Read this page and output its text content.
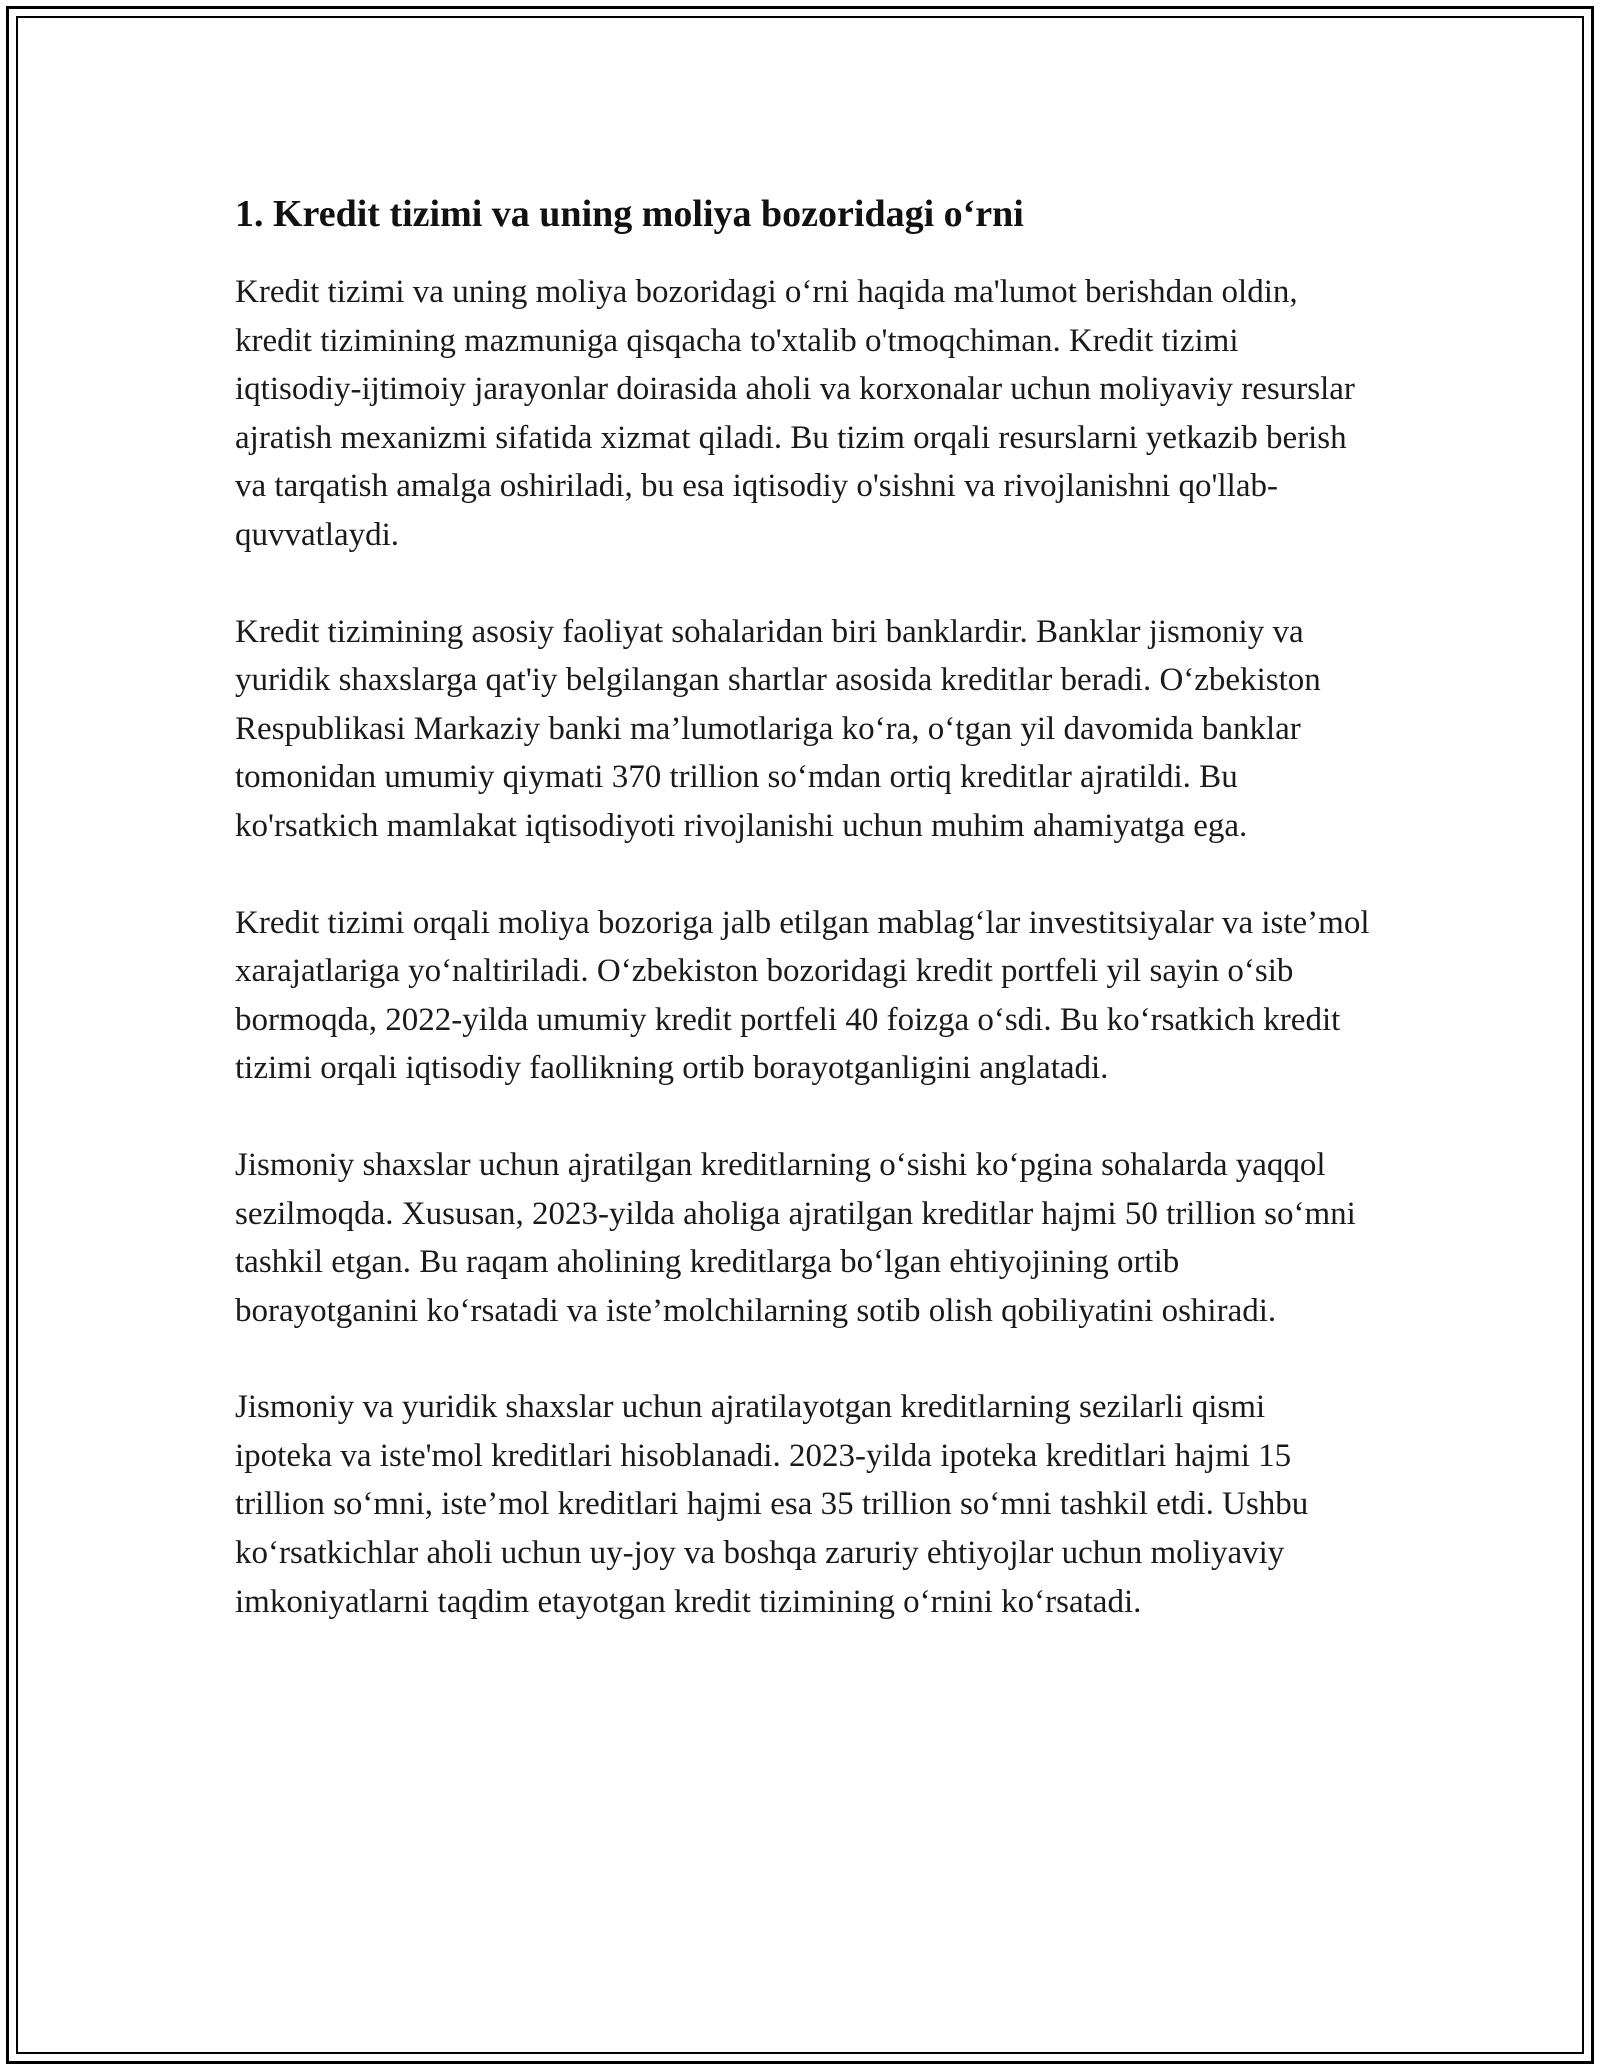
1. Kredit tizimi va uning moliya bozoridagi o‘rni

Kredit tizimi va uning moliya bozoridagi o‘rni haqida ma'lumot berishdan oldin, kredit tizimining mazmuniga qisqacha to'xtalib o'tmoqchiman. Kredit tizimi iqtisodiy-ijtimoiy jarayonlar doirasida aholi va korxonalar uchun moliyaviy resurslar ajratish mexanizmi sifatida xizmat qiladi. Bu tizim orqali resurslarni yetkazib berish va tarqatish amalga oshiriladi, bu esa iqtisodiy o'sishni va rivojlanishni qo'llab-quvvatlaydi.

Kredit tizimining asosiy faoliyat sohalaridan biri banklardir. Banklar jismoniy va yuridik shaxslarga qat'iy belgilangan shartlar asosida kreditlar beradi. O‘zbekiston Respublikasi Markaziy banki ma’lumotlariga ko‘ra, o‘tgan yil davomida banklar tomonidan umumiy qiymati 370 trillion so‘mdan ortiq kreditlar ajratildi. Bu ko'rsatkich mamlakat iqtisodiyoti rivojlanishi uchun muhim ahamiyatga ega.

Kredit tizimi orqali moliya bozoriga jalb etilgan mablag‘lar investitsiyalar va iste’mol xarajatlariga yo‘naltiriladi. O‘zbekiston bozoridagi kredit portfeli yil sayin o‘sib bormoqda, 2022-yilda umumiy kredit portfeli 40 foizga o‘sdi. Bu ko‘rsatkich kredit tizimi orqali iqtisodiy faollikning ortib borayotganligini anglatadi.

Jismoniy shaxslar uchun ajratilgan kreditlarning o‘sishi ko‘pgina sohalarda yaqqol sezilmoqda. Xususan, 2023-yilda aholiga ajratilgan kreditlar hajmi 50 trillion so‘mni tashkil etgan. Bu raqam aholining kreditlarga bo‘lgan ehtiyojining ortib borayotganini ko‘rsatadi va iste’molchilarning sotib olish qobiliyatini oshiradi.

Jismoniy va yuridik shaxslar uchun ajratilayotgan kreditlarning sezilarli qismi ipoteka va iste'mol kreditlari hisoblanadi. 2023-yilda ipoteka kreditlari hajmi 15 trillion so‘mni, iste’mol kreditlari hajmi esa 35 trillion so‘mni tashkil etdi. Ushbu ko‘rsatkichlar aholi uchun uy-joy va boshqa zaruriy ehtiyojlar uchun moliyaviy imkoniyatlarni taqdim etayotgan kredit tizimining o‘rnini ko‘rsatadi.
